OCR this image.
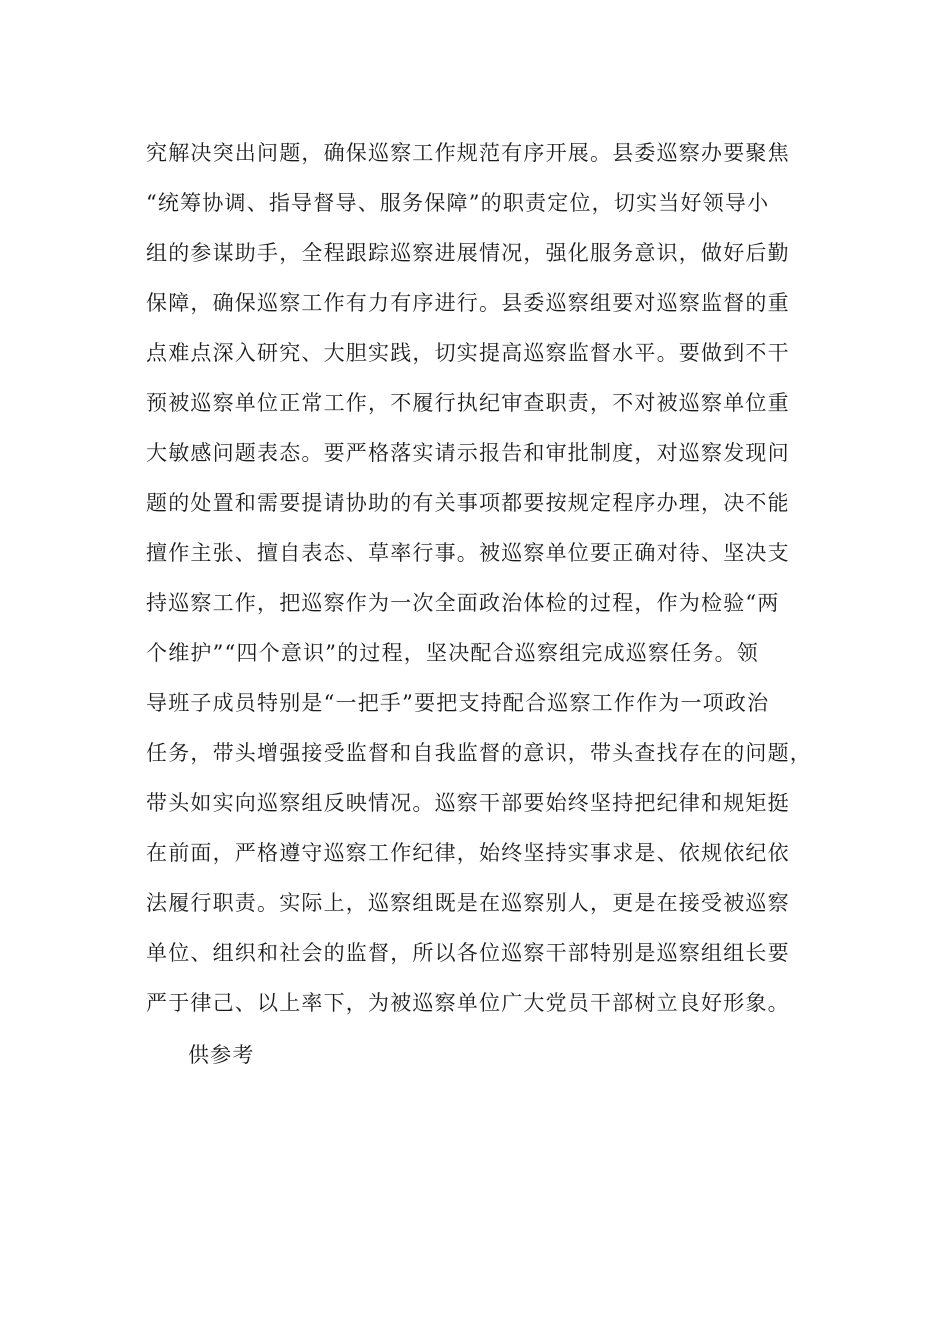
究解决突出问题，确保巡察工作规范有序开展。县委巡察办要聚焦
“统筹协调、指导督导、服务保障”的职责定位，切实当好领导小
组的参谋助手，全程跟踪巡察进展情况，强化服务意识，做好后勤
保障，确保巡察工作有力有序进行。县委巡察组要对巡察监督的重
点难点深入研究、大胆实践，切实提高巡察监督水平。要做到不干
预被巡察单位正常工作，不履行执纪审查职责，不对被巡察单位重
大敏感问题表态。要严格落实请示报告和审批制度，对巡察发现问
题的处置和需要提请协助的有关事项都要按规定程序办理，决不能
擅作主张、擅自表态、草率行事。被巡察单位要正确对待、坚决支
持巡察工作，把巡察作为一次全面政治体检的过程，作为检验“两
个维护”“四个意识”的过程，坚决配合巡察组完成巡察任务。领
导班子成员特别是“一把手”要把支持配合巡察工作作为一项政治
任务，带头增强接受监督和自我监督的意识，带头查找存在的问题，
带头如实向巡察组反映情况。巡察干部要始终坚持把纪律和规矩挺
在前面，严格遵守巡察工作纪律，始终坚持实事求是、依规依纪依
法履行职责。实际上，巡察组既是在巡察别人，更是在接受被巡察
单位、组织和社会的监督，所以各位巡察干部特别是巡察组组长要
严于律己、以上率下，为被巡察单位广大党员干部树立良好形象。
供参考
